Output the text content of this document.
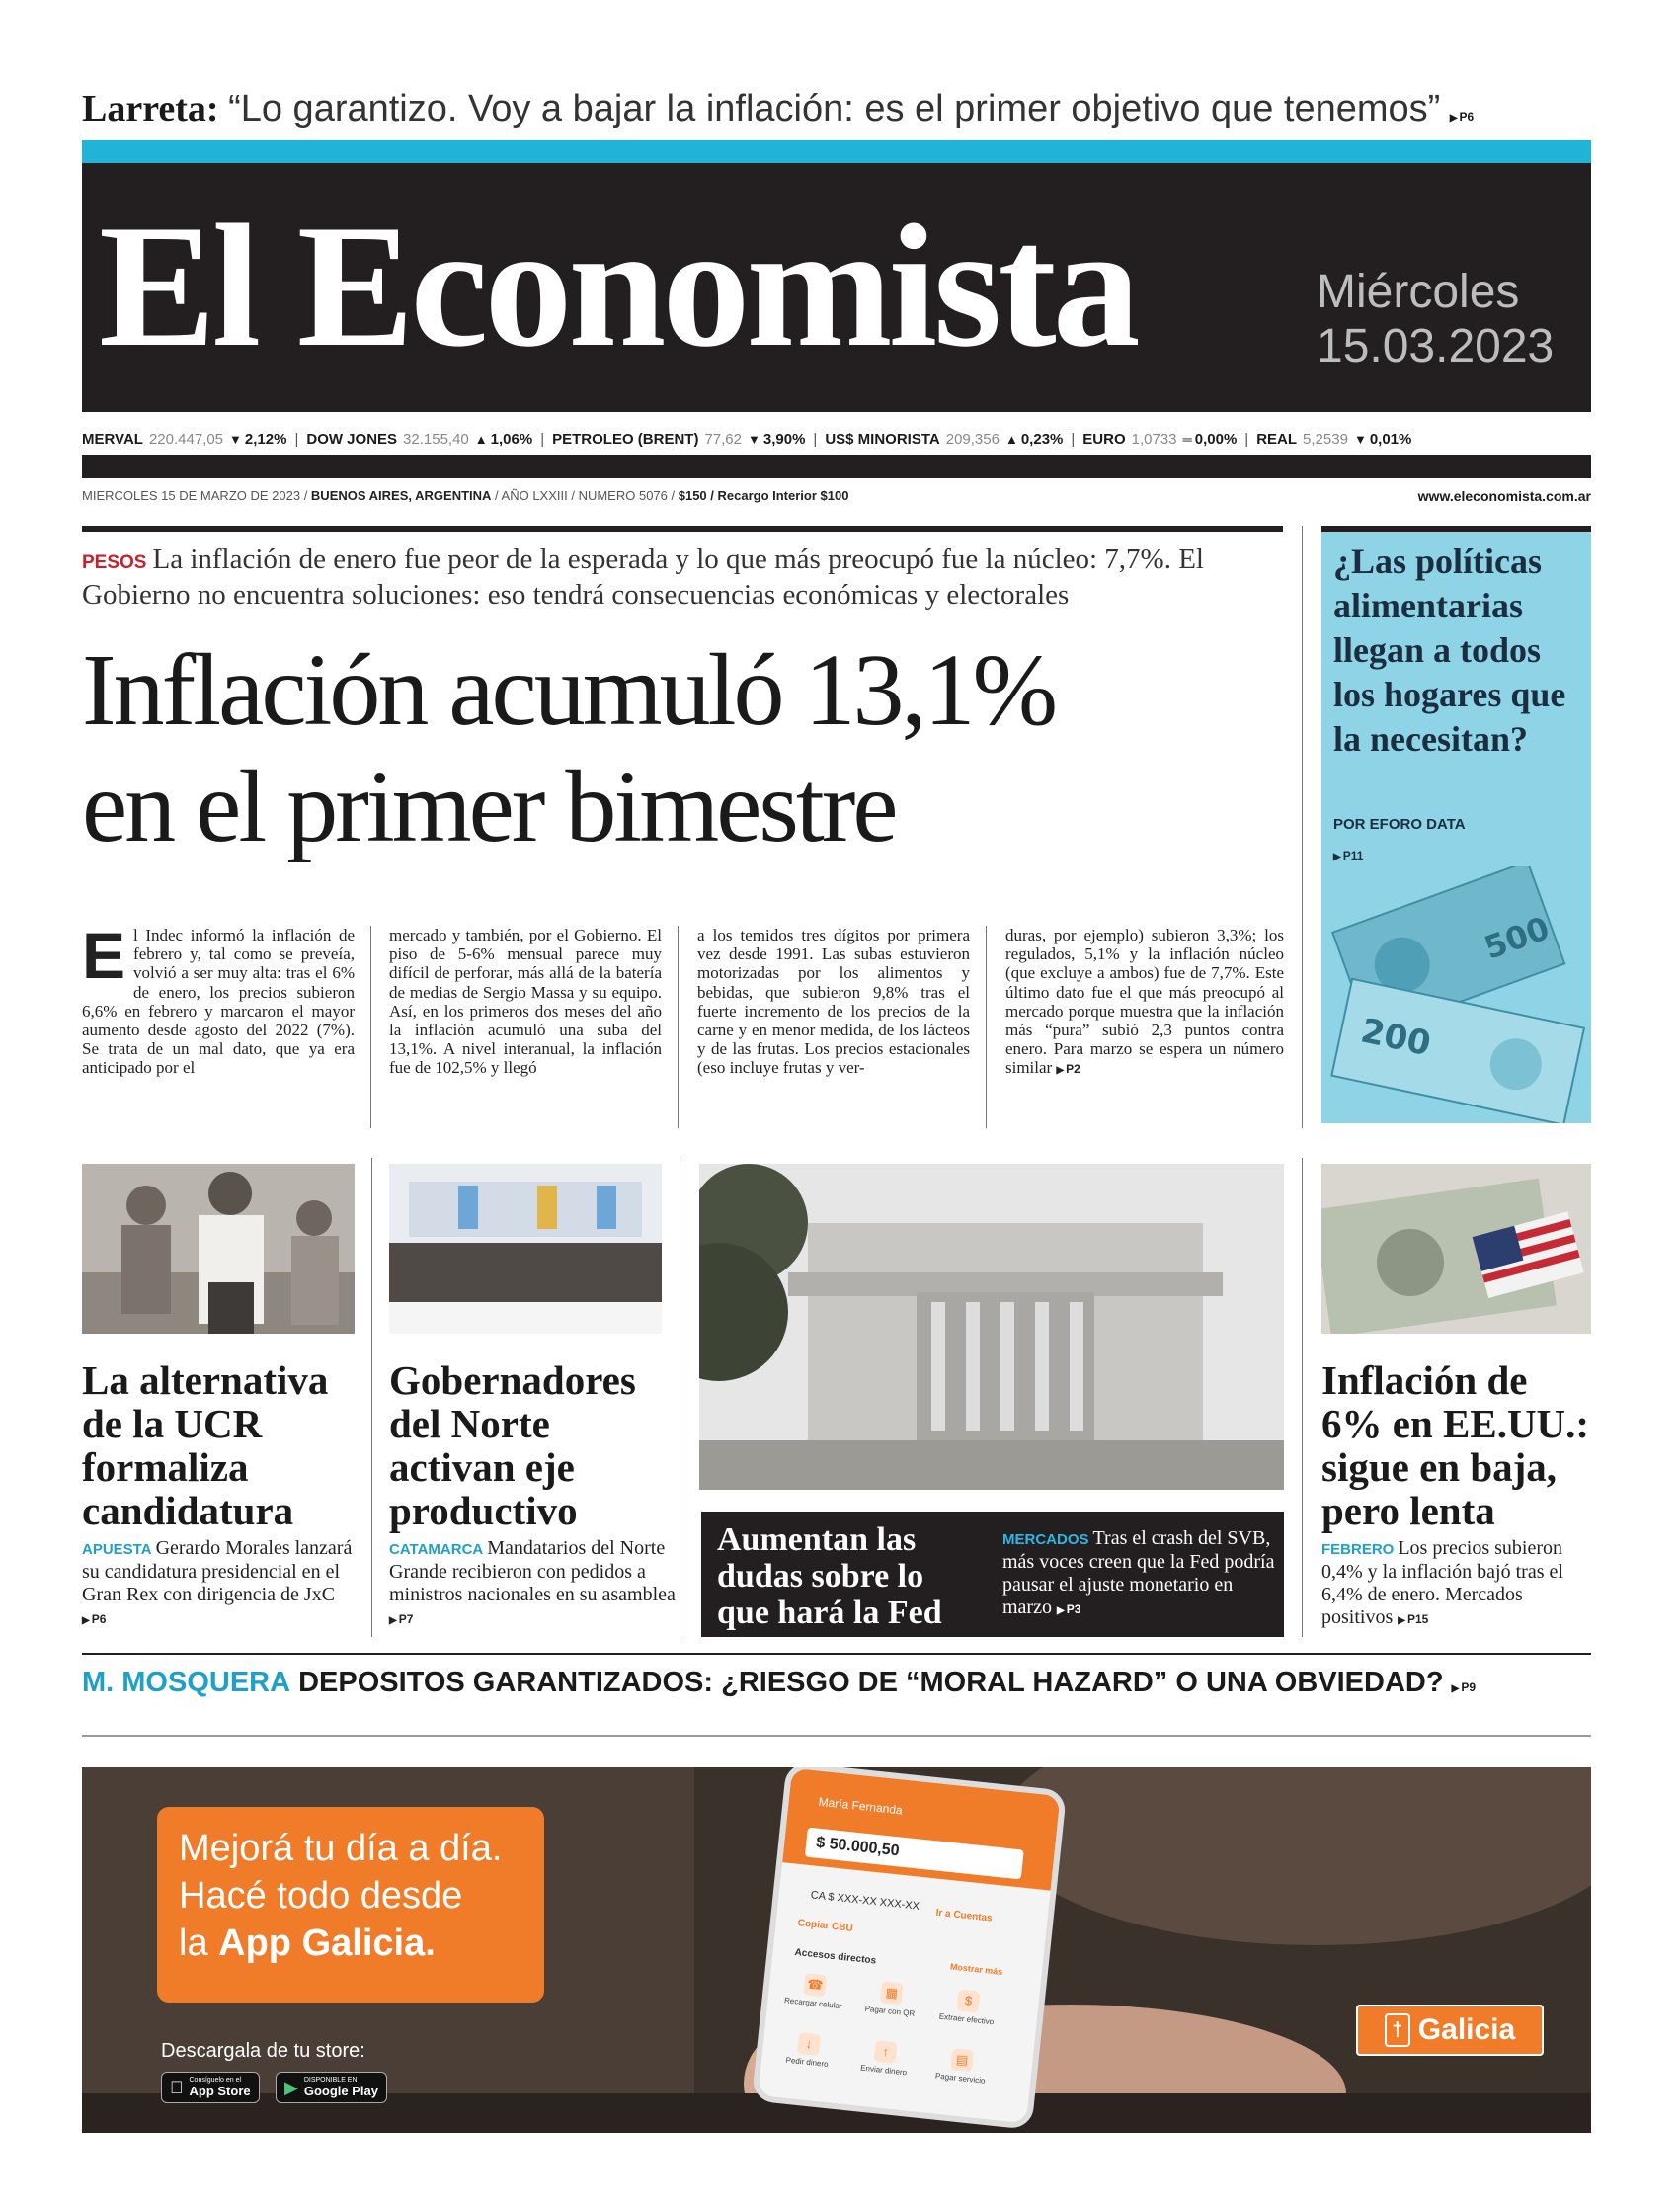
Larreta: “Lo garantizo. Voy a bajar la inflación: es el primer objetivo que tenemos” ▶ P6
El Economista	Miércoles
15.03.2023
MERVAL 220.447,05 ▼ 2,12% | DOW JONES 32.155,40 ▲ 1,06% | PETROLEO (BRENT) 77,62 ▼ 3,90% | US$ MINORISTA 209,356 ▲ 0,23% | EURO 1,0733 ═ 0,00% | REAL 5,2539 ▼ 0,01%
MIERCOLES 15 DE MARZO DE 2023 / BUENOS AIRES, ARGENTINA / AÑO LXXIII / NUMERO 5076 / $150 / Recargo Interior $100	www.eleconomista.com.ar
PESOS La inflación de enero fue peor de la esperada y lo que más preocupó fue la núcleo: 7,7%. El Gobierno no encuentra soluciones: eso tendrá consecuencias económicas y electorales
Inflación acumuló 13,1%
en el primer bimestre
El Indec informó la inflación de febrero y, tal como se preveía, volvió a ser muy alta: tras el 6% de enero, los precios subieron 6,6% en febrero y marcaron el mayor aumento desde agosto del 2022 (7%). Se trata de un mal dato, que ya era anticipado por el
mercado y también, por el Gobierno. El piso de 5-6% mensual parece muy difícil de perforar, más allá de la batería de medias de Sergio Massa y su equipo. Así, en los primeros dos meses del año la inflación acumuló una suba del 13,1%. A nivel interanual, la inflación fue de 102,5% y llegó
a los temidos tres dígitos por primera vez desde 1991. Las subas estuvieron motorizadas por los alimentos y bebidas, que subieron 9,8% tras el fuerte incremento de los precios de la carne y en menor medida, de los lácteos y de las frutas. Los precios estacionales (eso incluye frutas y ver-
duras, por ejemplo) subieron 3,3%; los regulados, 5,1% y la inflación núcleo (que excluye a ambos) fue de 7,7%. Este último dato fue el que más preocupó al mercado porque muestra que la inflación más “pura” subió 2,3 puntos contra enero. Para marzo se espera un número similar ▶ P2
¿Las políticas alimentarias llegan a todos los hogares que la necesitan?
POR EFORO DATA
▶ P11
500
200
La alternativa de la UCR formaliza candidatura
APUESTA Gerardo Morales lanzará su candidatura presidencial en el Gran Rex con dirigencia de JxC ▶ P6
Gobernadores del Norte activan eje productivo
CATAMARCA Mandatarios del Norte Grande recibieron con pedidos a ministros nacionales en su asamblea ▶ P7
Aumentan las dudas sobre lo que hará la Fed
MERCADOS Tras el crash del SVB, más voces creen que la Fed podría pausar el ajuste monetario en marzo ▶ P3
Inflación de 6% en EE.UU.: sigue en baja, pero lenta
FEBRERO Los precios subieron 0,4% y la inflación bajó tras el 6,4% de enero. Mercados positivos ▶ P15
M. MOSQUERA DEPOSITOS GARANTIZADOS: ¿RIESGO DE “MORAL HAZARD” O UNA OBVIEDAD? ▶ P9
María Fernanda
$ 50.000,50
CA $ XXX-XX XXX-XX
Ir a Cuentas
Copiar CBU
Accesos directos
Mostrar más
☎
Recargar celular
▦
Pagar con QR
$
Extraer efectivo
↓
Pedir dinero
↑
Enviar dinero
▤
Pagar servicio
Mejorá tu día a día.
Hacé todo desde
la App Galicia.
Descargala de tu store:
Consíguelo en el
App Store	▶ DISPONIBLE EN
Google Play
† Galicia
